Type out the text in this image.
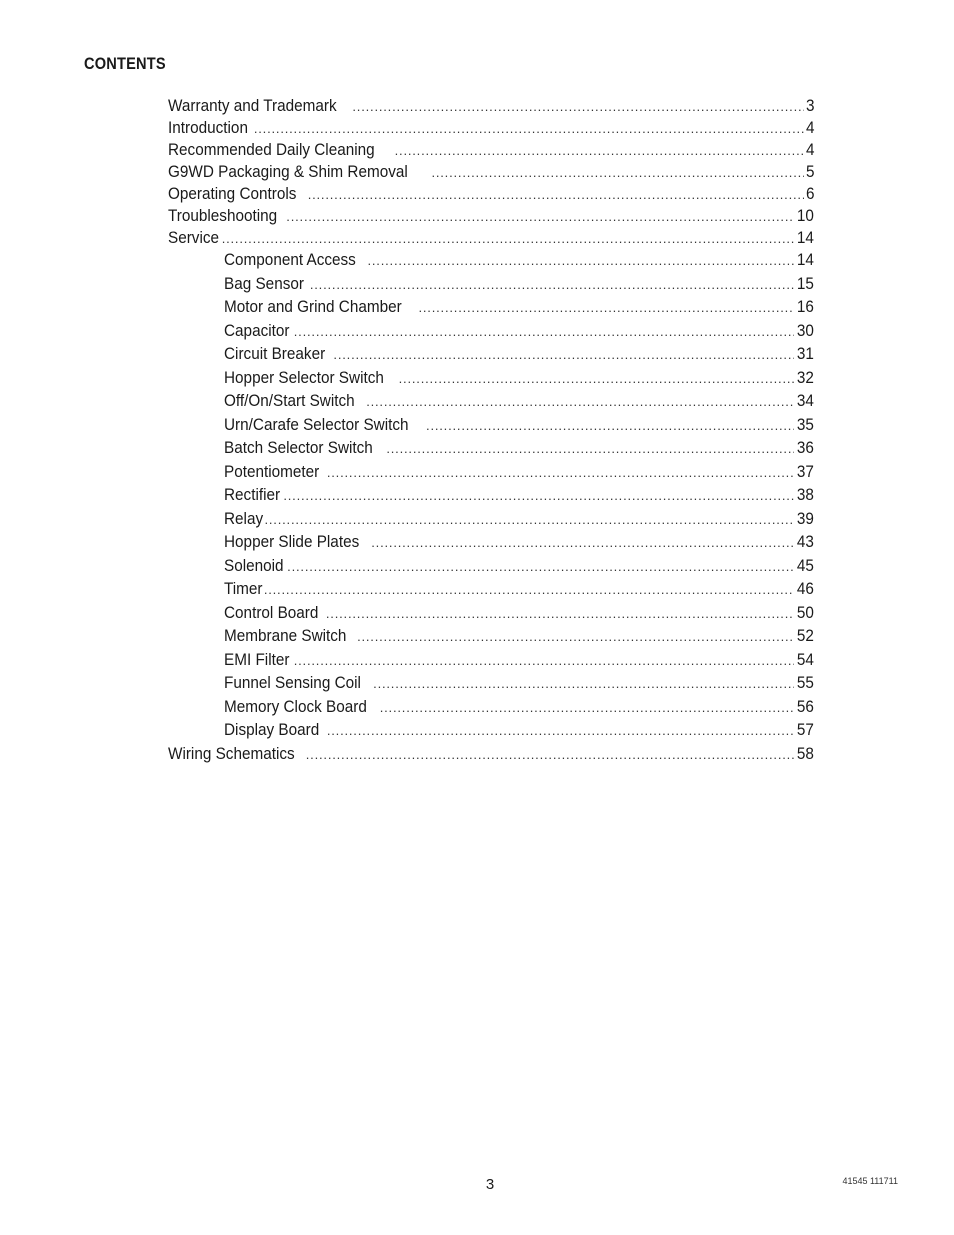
CONTENTS
Warranty and Trademark .....	3
Introduction .....	4
Recommended Daily Cleaning .....	4
G9WD Packaging & Shim Removal .....	5
Operating Controls .....	6
Troubleshooting .....	10
Service .....	14
Component Access .....	14
Bag Sensor .....	15
Motor and Grind Chamber .....	16
Capacitor .....	30
Circuit Breaker .....	31
Hopper Selector Switch .....	32
Off/On/Start Switch .....	34
Urn/Carafe Selector Switch .....	35
Batch Selector Switch .....	36
Potentiometer .....	37
Rectifier .....	38
Relay .....	39
Hopper Slide Plates .....	43
Solenoid .....	45
Timer .....	46
Control Board .....	50
Membrane Switch .....	52
EMI Filter .....	54
Funnel Sensing Coil .....	55
Memory Clock Board .....	56
Display Board .....	57
Wiring Schematics .....	58
3	41545 111711
